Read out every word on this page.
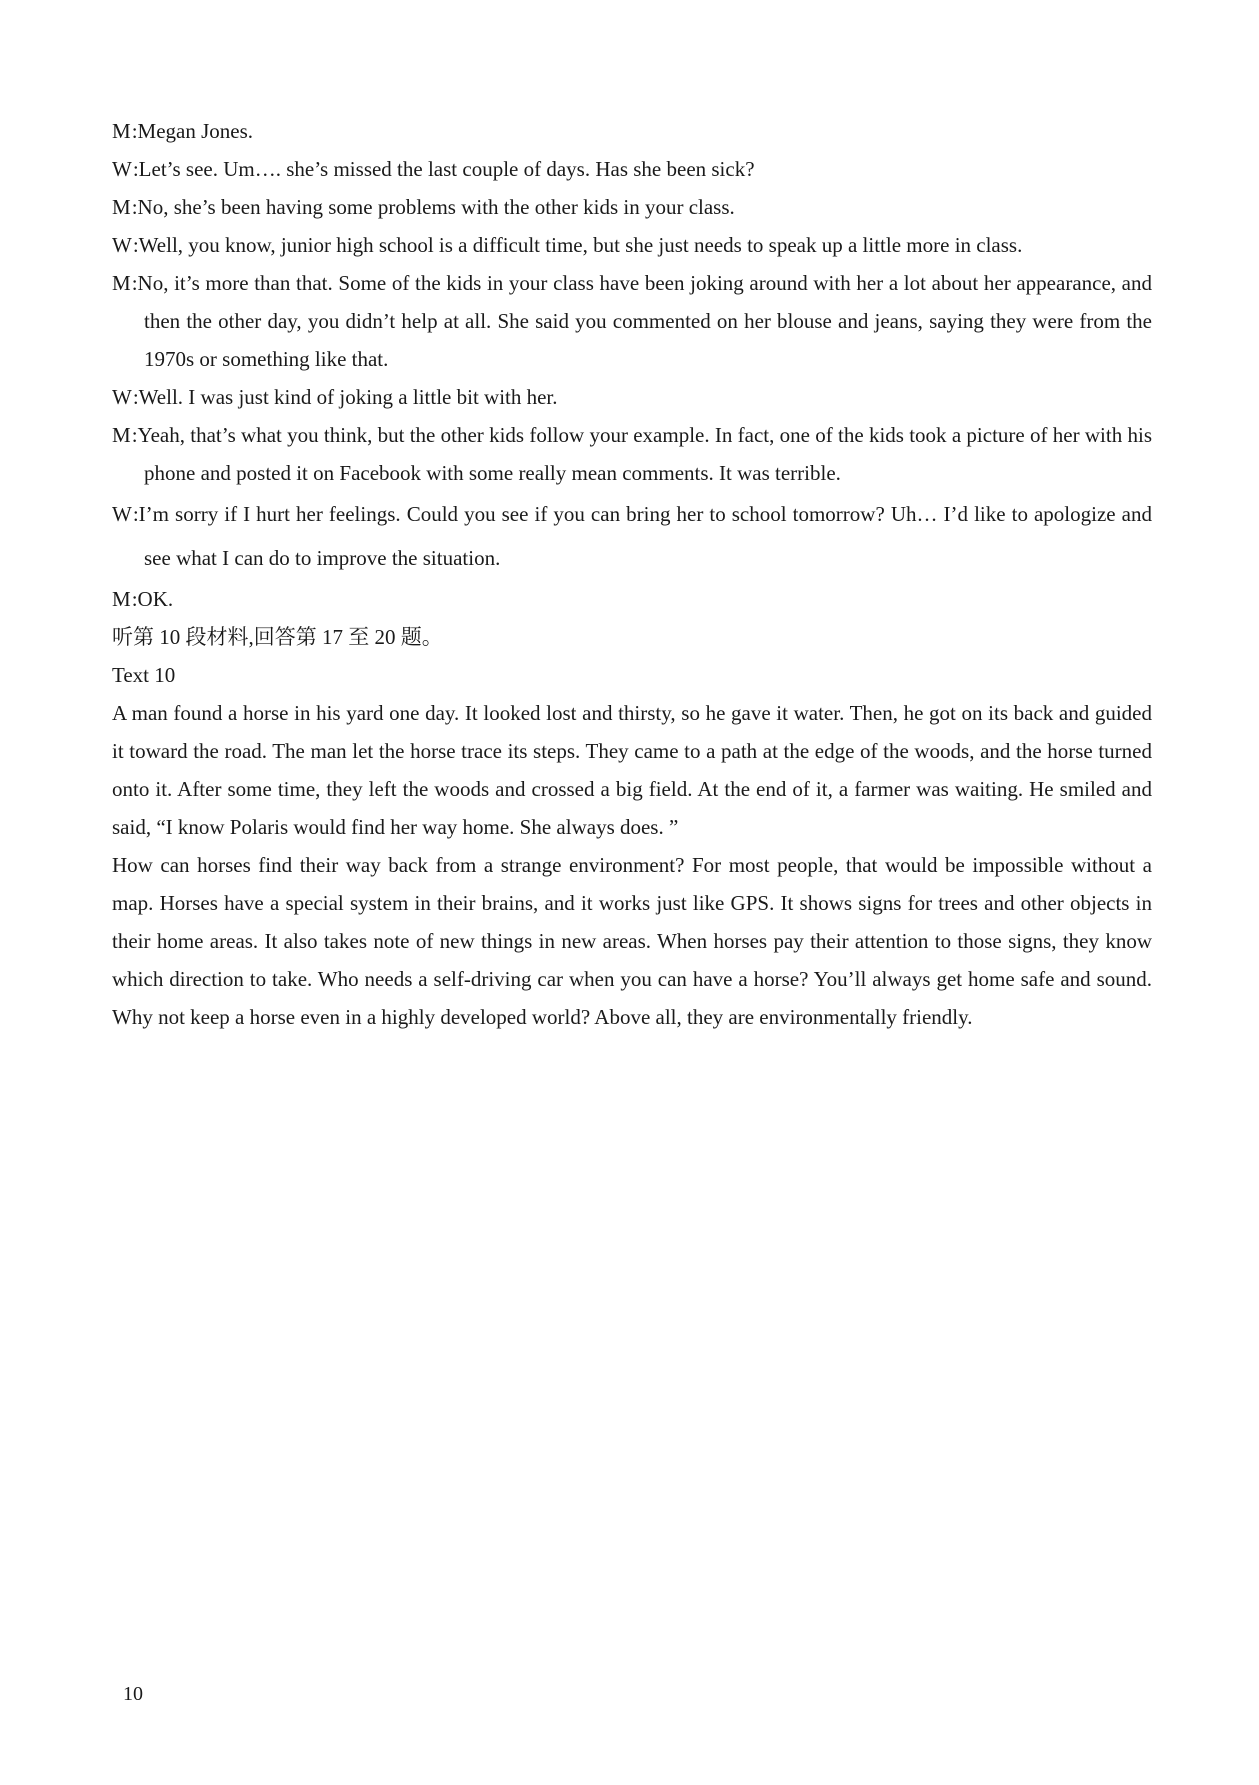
M:Megan Jones.

W:Let’s see. Um…. she’s missed the last couple of days. Has she been sick?

M:No, she’s been having some problems with the other kids in your class.

W:Well, you know, junior high school is a difficult time, but she just needs to speak up a little more in class.

M:No, it’s more than that. Some of the kids in your class have been joking around with her a lot about her appearance, and then the other day, you didn’t help at all. She said you commented on her blouse and jeans, saying they were from the 1970s or something like that.

W:Well. I was just kind of joking a little bit with her.

M:Yeah, that’s what you think, but the other kids follow your example. In fact, one of the kids took a picture of her with his phone and posted it on Facebook with some really mean comments. It was terrible.

W:I’m sorry if I hurt her feelings. Could you see if you can bring her to school tomorrow? Uh… I’d like to apologize and see what I can do to improve the situation.

M:OK.

听第 10 段材料,回答第 17 至 20 题。

Text 10

A man found a horse in his yard one day. It looked lost and thirsty, so he gave it water. Then, he got on its back and guided it toward the road. The man let the horse trace its steps. They came to a path at the edge of the woods, and the horse turned onto it. After some time, they left the woods and crossed a big field. At the end of it, a farmer was waiting. He smiled and said, “I know Polaris would find her way home. She always does. ”

How can horses find their way back from a strange environment? For most people, that would be impossible without a map. Horses have a special system in their brains, and it works just like GPS. It shows signs for trees and other objects in their home areas. It also takes note of new things in new areas. When horses pay their attention to those signs, they know which direction to take. Who needs a self-driving car when you can have a horse? You’ll always get home safe and sound. Why not keep a horse even in a highly developed world? Above all, they are environmentally friendly.

10
